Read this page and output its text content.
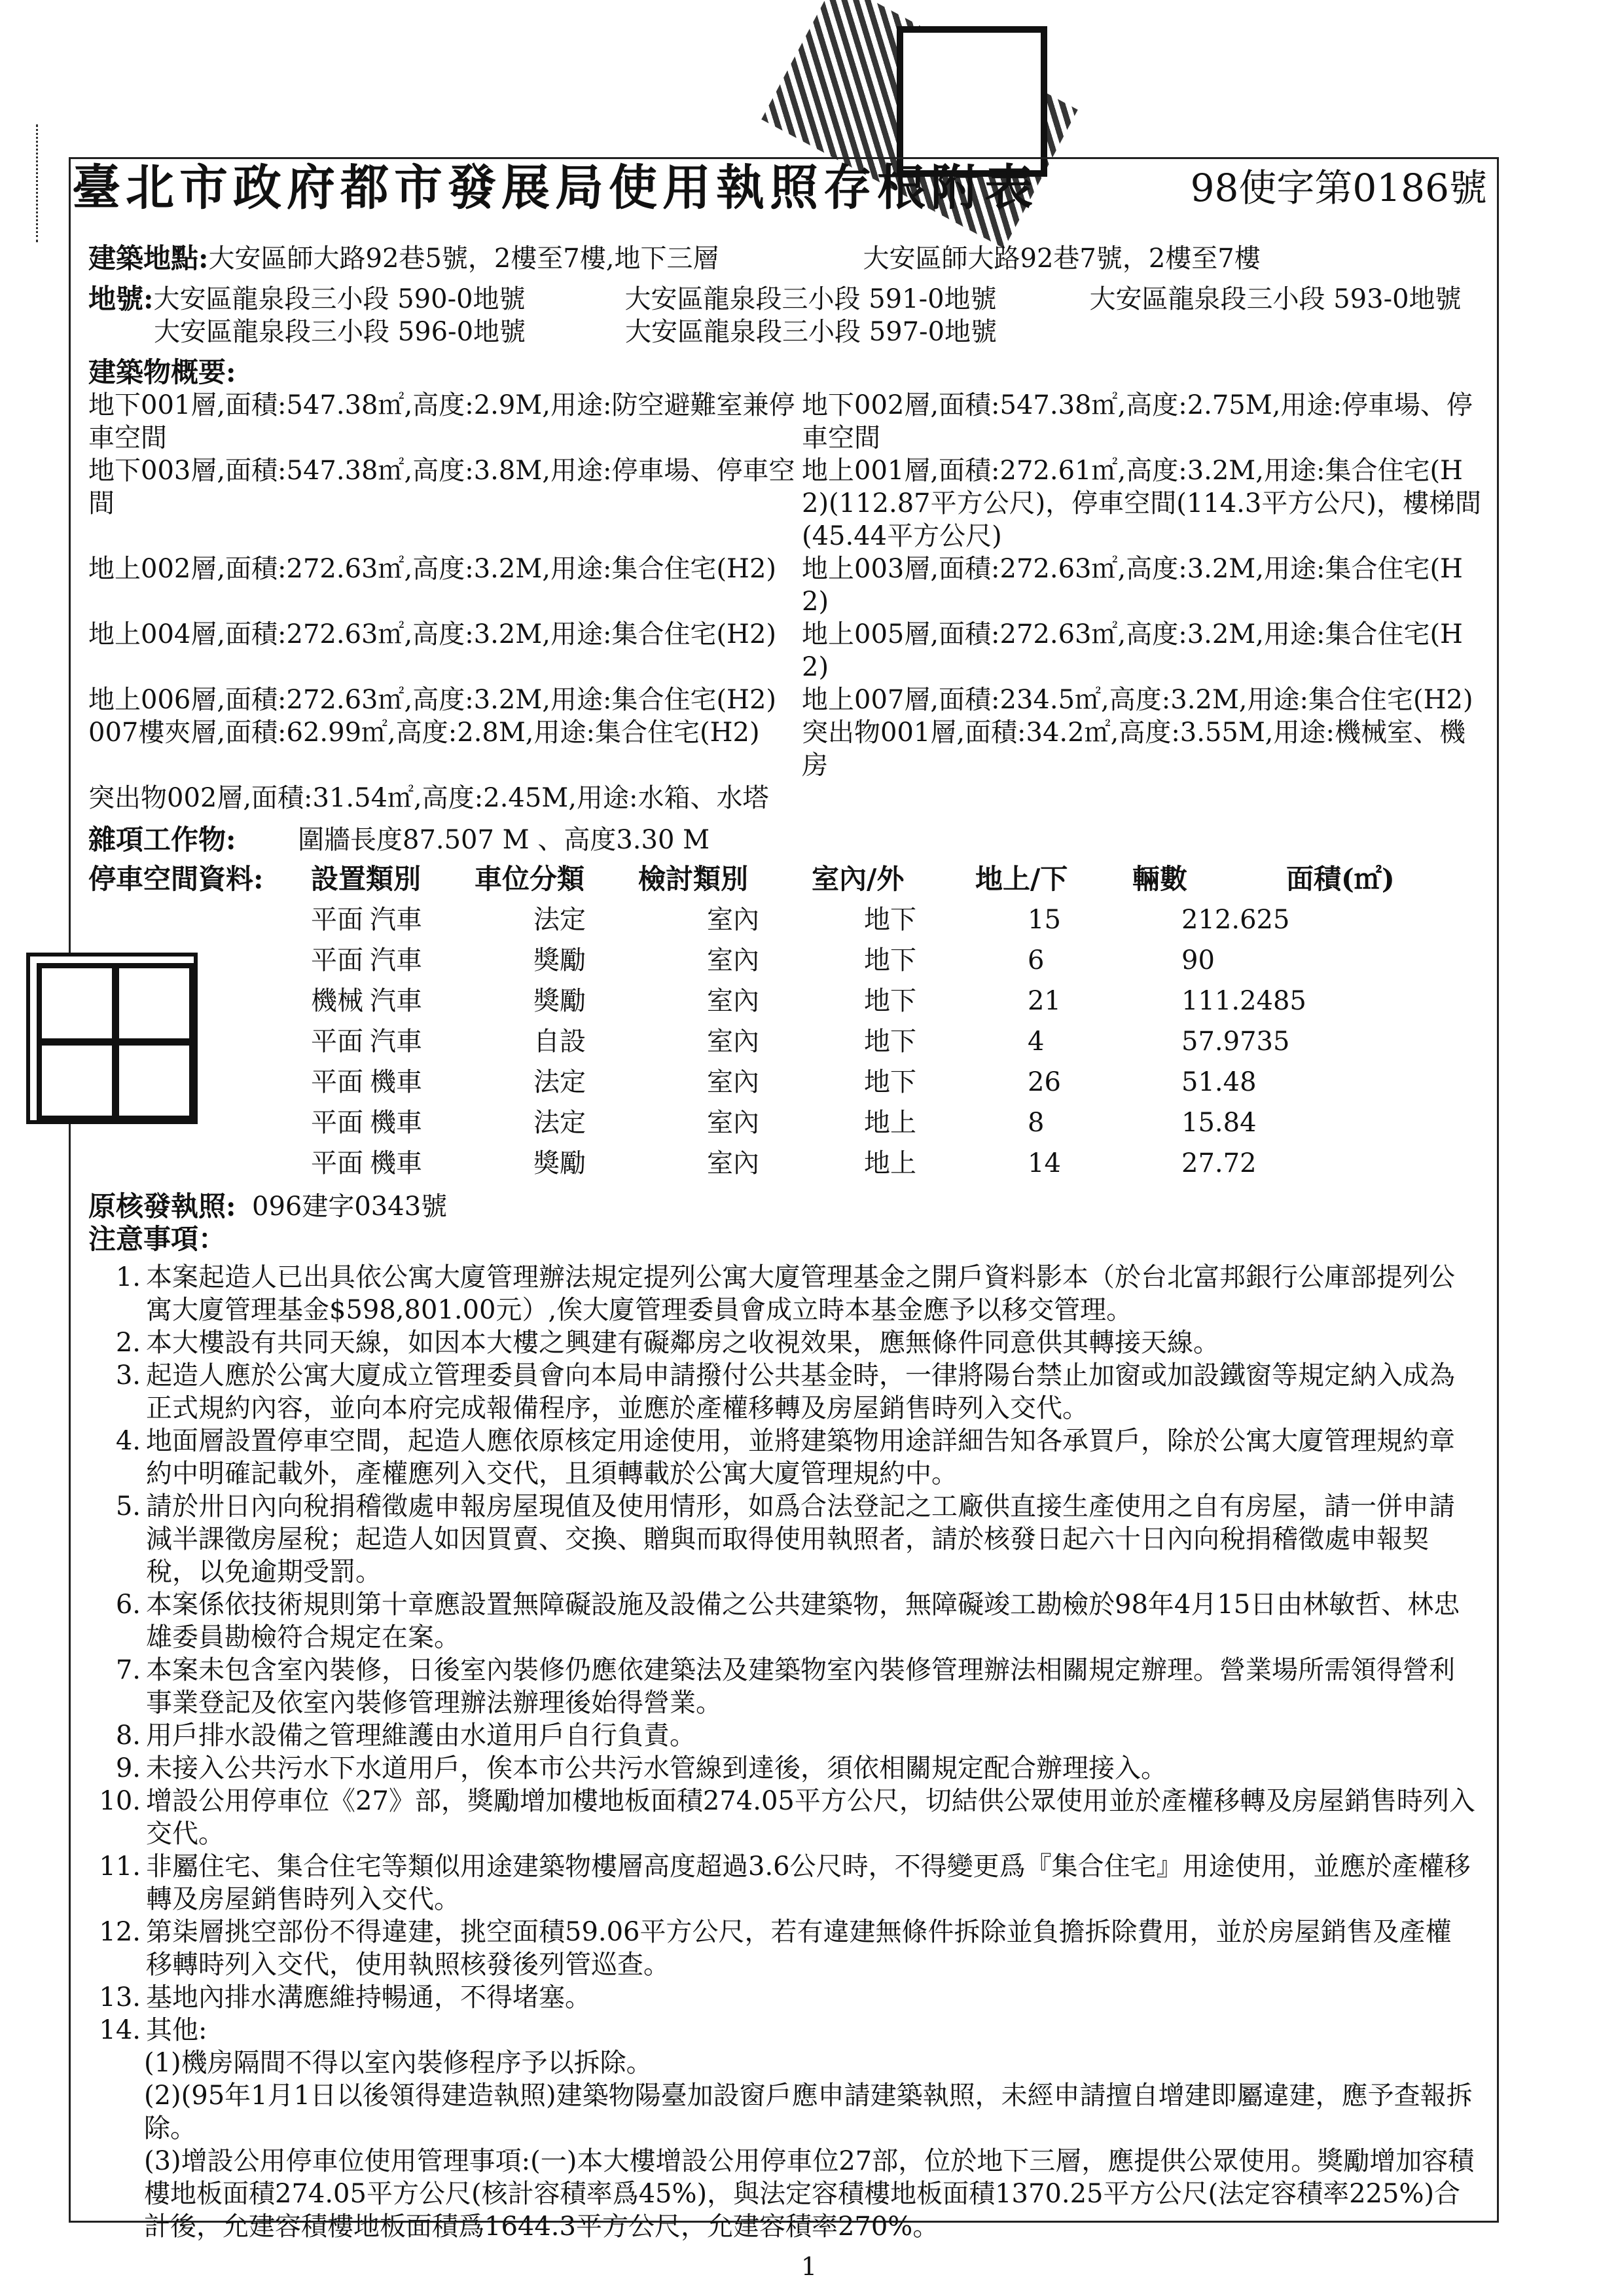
臺北市政府都市發展局使用執照存根附表	98使字第0186號
建築地點: 大安區師大路92巷5號，2樓至7樓,地下三層	大安區師大路92巷7號，2樓至7樓
地號: 大安區龍泉段三小段 590-0地號	大安區龍泉段三小段 591-0地號	大安區龍泉段三小段 593-0地號
大安區龍泉段三小段 596-0地號	大安區龍泉段三小段 597-0地號
建築物概要:
地下001層,面積:547.38㎡,高度:2.9M,用途:防空避難室兼停車空間
地下002層,面積:547.38㎡,高度:2.75M,用途:停車場、停車空間
地下003層,面積:547.38㎡,高度:3.8M,用途:停車場、停車空間
地上001層,面積:272.61㎡,高度:3.2M,用途:集合住宅(H2)(112.87平方公尺)，停車空間(114.3平方公尺)，樓梯間(45.44平方公尺)
地上002層,面積:272.63㎡,高度:3.2M,用途:集合住宅(H2) 地上003層,面積:272.63㎡,高度:3.2M,用途:集合住宅(H2)
地上004層,面積:272.63㎡,高度:3.2M,用途:集合住宅(H2) 地上005層,面積:272.63㎡,高度:3.2M,用途:集合住宅(H2)
地上006層,面積:272.63㎡,高度:3.2M,用途:集合住宅(H2) 地上007層,面積:234.5㎡,高度:3.2M,用途:集合住宅(H2)
007樓夾層,面積:62.99㎡,高度:2.8M,用途:集合住宅(H2)	突出物001層,面積:34.2㎡,高度:3.55M,用途:機械室、機房
突出物002層,面積:31.54㎡,高度:2.45M,用途:水箱、水塔
雜項工作物:	圍牆長度87.507 M 、高度3.30 M
停車空間資料:	設置類別	車位分類	檢討類別	室內/外	地上/下	輛數	面積(㎡)
平面 汽車	法定	室內	地下	15	212.625
平面 汽車	獎勵	室內	地下	6	90
機械 汽車	獎勵	室內	地下	21	111.2485
平面 汽車	自設	室內	地下	4	57.9735
平面 機車	法定	室內	地下	26	51.48
平面 機車	法定	室內	地上	8	15.84
平面 機車	獎勵	室內	地上	14	27.72
原核發執照: 096建字0343號
注意事項：
1. 本案起造人已出具依公寓大廈管理辦法規定提列公寓大廈管理基金之開戶資料影本（於台北富邦銀行公庫部提列公寓大廈管理基金$598,801.00元）,俟大廈管理委員會成立時本基金應予以移交管理。
2. 本大樓設有共同天線，如因本大樓之興建有礙鄰房之收視效果，應無條件同意供其轉接天線。
3. 起造人應於公寓大廈成立管理委員會向本局申請撥付公共基金時，一律將陽台禁止加窗或加設鐵窗等規定納入成為正式規約內容，並向本府完成報備程序，並應於產權移轉及房屋銷售時列入交代。
4. 地面層設置停車空間，起造人應依原核定用途使用，並將建築物用途詳細告知各承買戶，除於公寓大廈管理規約章約中明確記載外，產權應列入交代，且須轉載於公寓大廈管理規約中。
5. 請於卅日內向稅捐稽徵處申報房屋現值及使用情形，如爲合法登記之工廠供直接生產使用之自有房屋，請一併申請減半課徵房屋稅；起造人如因買賣、交換、贈與而取得使用執照者，請於核發日起六十日內向稅捐稽徵處申報契稅，以免逾期受罰。
6. 本案係依技術規則第十章應設置無障礙設施及設備之公共建築物，無障礙竣工勘檢於98年4月15日由林敏哲、林忠雄委員勘檢符合規定在案。
7. 本案未包含室內裝修，日後室內裝修仍應依建築法及建築物室內裝修管理辦法相關規定辦理。營業場所需領得營利事業登記及依室內裝修管理辦法辦理後始得營業。
8. 用戶排水設備之管理維護由水道用戶自行負責。
9. 未接入公共污水下水道用戶，俟本市公共污水管線到達後，須依相關規定配合辦理接入。
10. 增設公用停車位《27》部，獎勵增加樓地板面積274.05平方公尺，切結供公眾使用並於產權移轉及房屋銷售時列入交代。
11. 非屬住宅、集合住宅等類似用途建築物樓層高度超過3.6公尺時，不得變更爲『集合住宅』用途使用，並應於產權移轉及房屋銷售時列入交代。
12. 第柒層挑空部份不得違建，挑空面積59.06平方公尺，若有違建無條件拆除並負擔拆除費用，並於房屋銷售及產權移轉時列入交代，使用執照核發後列管巡查。
13. 基地內排水溝應維持暢通，不得堵塞。
14. 其他:
(1)機房隔間不得以室內裝修程序予以拆除。
(2)(95年1月1日以後領得建造執照)建築物陽臺加設窗戶應申請建築執照，未經申請擅自增建即屬違建，應予查報拆除。
(3)增設公用停車位使用管理事項:(一)本大樓增設公用停車位27部，位於地下三層，應提供公眾使用。獎勵增加容積樓地板面積274.05平方公尺(核計容積率爲45%)，與法定容積樓地板面積1370.25平方公尺(法定容積率225%)合計後，允建容積樓地板面積爲1644.3平方公尺，允建容積率270%。
1
